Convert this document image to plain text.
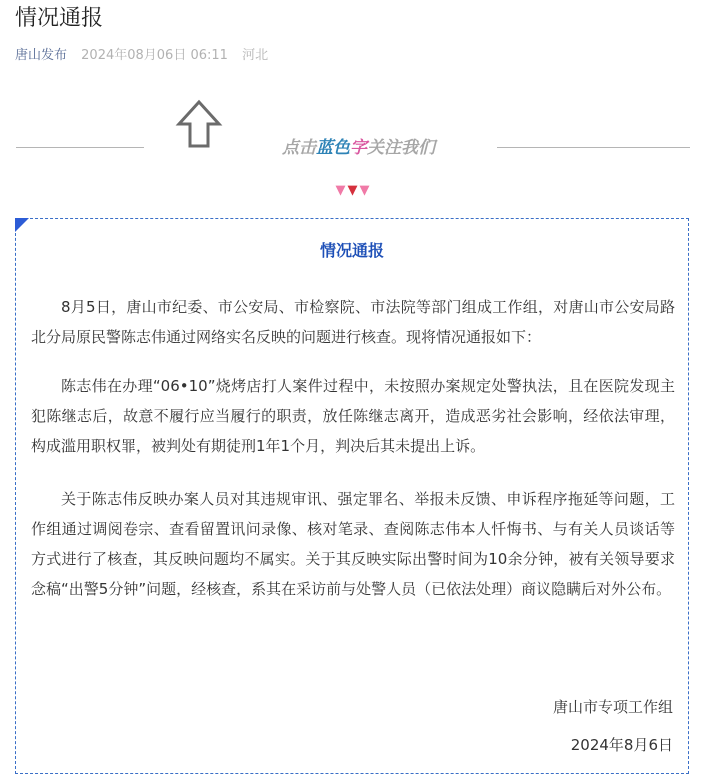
情况通报
唐山发布 2024年08月06日 06:11 河北
点击蓝色字关注我们
▼▼▼
情况通报

8月5日，唐山市纪委、市公安局、市检察院、市法院等部门组成工作组，对唐山市公安局路北分局原民警陈志伟通过网络实名反映的问题进行核查。现将情况通报如下：

陈志伟在办理“06•10”烧烤店打人案件过程中，未按照办案规定处警执法，且在医院发现主犯陈继志后，故意不履行应当履行的职责，放任陈继志离开，造成恶劣社会影响，经依法审理，构成滥用职权罪，被判处有期徒刑1年1个月，判决后其未提出上诉。

关于陈志伟反映办案人员对其违规审讯、强定罪名、举报未反馈、申诉程序拖延等问题，工作组通过调阅卷宗、查看留置讯问录像、核对笔录、查阅陈志伟本人忏悔书、与有关人员谈话等方式进行了核查，其反映问题均不属实。关于其反映实际出警时间为10余分钟，被有关领导要求念稿“出警5分钟”问题，经核查，系其在采访前与处警人员（已依法处理）商议隐瞒后对外公布。

唐山市专项工作组
2024年8月6日
